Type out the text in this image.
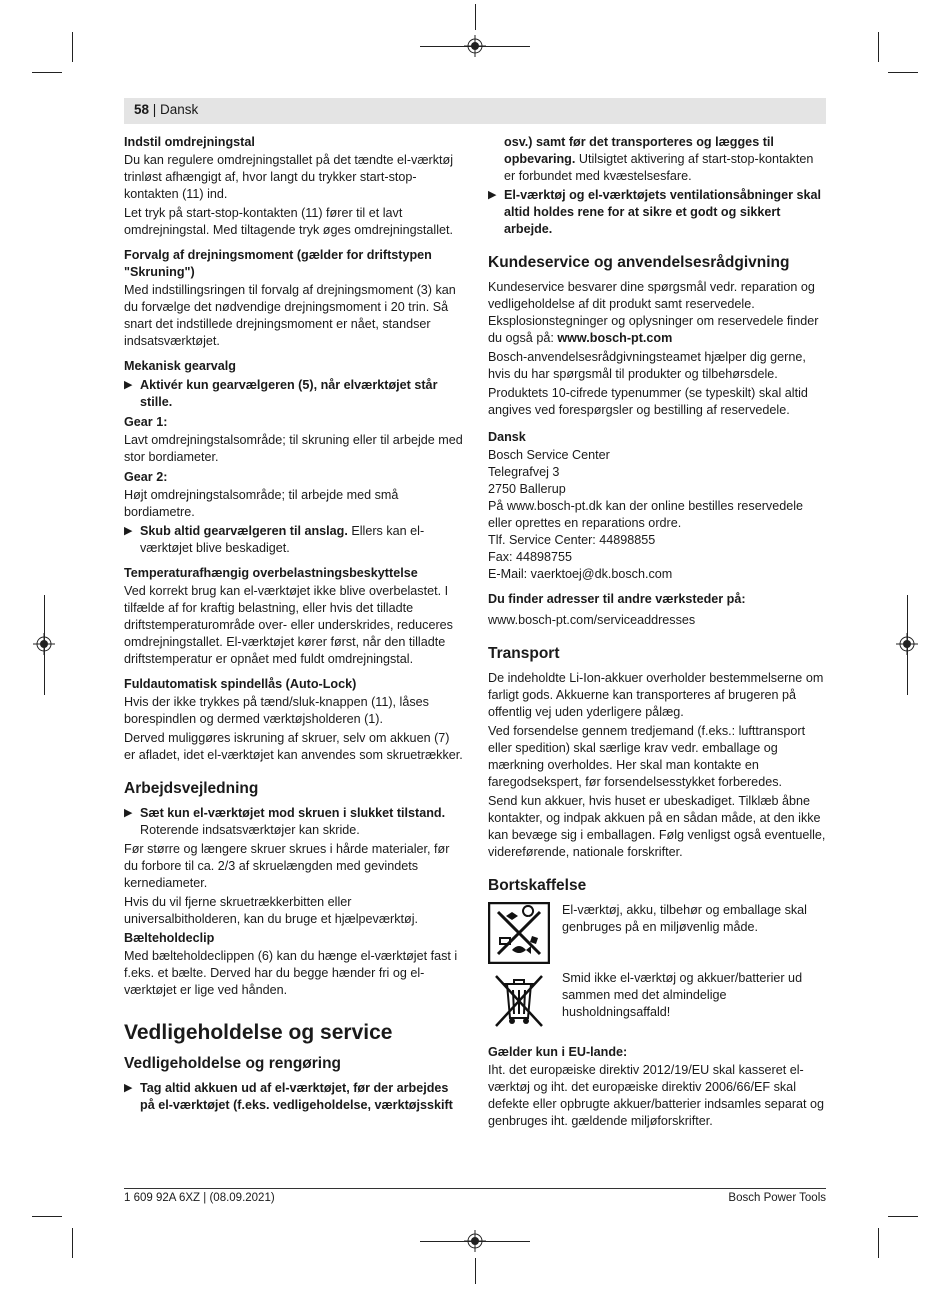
58 | Dansk
Indstil omdrejningstal
Du kan regulere omdrejningstallet på det tændte el-værktøj trinløst afhængigt af, hvor langt du trykker start-stop-kontakten (11) ind.
Let tryk på start-stop-kontakten (11) fører til et lavt omdrejningstal. Med tiltagende tryk øges omdrejningstallet.
Forvalg af drejningsmoment (gælder for driftstypen "Skruning")
Med indstillingsringen til forvalg af drejningsmoment (3) kan du forvælge det nødvendige drejningsmoment i 20 trin. Så snart det indstillede drejningsmoment er nået, standser indsatsværktøjet.
Mekanisk gearvalg
▶ Aktivér kun gearvælgeren (5), når elværktøjet står stille.
Gear 1:
Lavt omdrejningstalsområde; til skruning eller til arbejde med stor bordiameter.
Gear 2:
Højt omdrejningstalsområde; til arbejde med små bordiametre.
▶ Skub altid gearvælgeren til anslag. Ellers kan el-værktøjet blive beskadiget.
Temperaturafhængig overbelastningsbeskyttelse
Ved korrekt brug kan el-værktøjet ikke blive overbelastet. I tilfælde af for kraftig belastning, eller hvis det tilladte driftstemperaturområde over- eller underskrides, reduceres omdrejningstallet. El-værktøjet kører først, når den tilladte driftstemperatur er opnået med fuldt omdrejningstal.
Fuldautomatisk spindellås (Auto-Lock)
Hvis der ikke trykkes på tænd/sluk-knappen (11), låses borespindlen og dermed værktøjsholderen (1).
Derved muliggøres iskruning af skruer, selv om akkuen (7) er afladet, idet el-værktøjet kan anvendes som skruetrækker.
Arbejdsvejledning
▶ Sæt kun el-værktøjet mod skruen i slukket tilstand.
Roterende indsatsværktøjer kan skride.
Før større og længere skruer skrues i hårde materialer, før du forbore til ca. 2/3 af skruelængden med gevindets kernediameter.
Hvis du vil fjerne skruetrækkerbitten eller universalbitholderen, kan du bruge et hjælpeværktøj.
Bælteholdeclip
Med bælteholdeclippen (6) kan du hænge el-værktøjet fast i f.eks. et bælte. Derved har du begge hænder fri og el-værktøjet er lige ved hånden.
Vedligeholdelse og service
Vedligeholdelse og rengøring
▶ Tag altid akkuen ud af el-værktøjet, før der arbejdes på el-værktøjet (f.eks. vedligeholdelse, værktøjsskift
osv.) samt før det transporteres og lægges til opbevaring. Utilsigtet aktivering af start-stop-kontakten er forbundet med kvæstelsesfare.
▶ El-værktøj og el-værktøjets ventilationsåbninger skal altid holdes rene for at sikre et godt og sikkert arbejde.
Kundeservice og anvendelsesrådgivning
Kundeservice besvarer dine spørgsmål vedr. reparation og vedligeholdelse af dit produkt samt reservedele. Eksplosionstegninger og oplysninger om reservedele finder du også på: www.bosch-pt.com
Bosch-anvendelsesrådgivningsteamet hjælper dig gerne, hvis du har spørgsmål til produkter og tilbehørsdele.
Produktets 10-cifrede typenummer (se typeskilt) skal altid angives ved forespørgsler og bestilling af reservedele.
Dansk
Bosch Service Center
Telegrafvej 3
2750 Ballerup
På www.bosch-pt.dk kan der online bestilles reservedele eller oprettes en reparations ordre.
Tlf. Service Center: 44898855
Fax: 44898755
E-Mail: vaerktoej@dk.bosch.com
Du finder adresser til andre værksteder på:
www.bosch-pt.com/serviceaddresses
Transport
De indeholdte Li-Ion-akkuer overholder bestemmelserne om farligt gods. Akkuerne kan transporteres af brugeren på offentlig vej uden yderligere pålæg.
Ved forsendelse gennem tredjemand (f.eks.: lufttransport eller spedition) skal særlige krav vedr. emballage og mærkning overholdes. Her skal man kontakte en faregodsekspert, før forsendelsesstykket forberedes.
Send kun akkuer, hvis huset er ubeskadiget. Tilklæb åbne kontakter, og indpak akkuen på en sådan måde, at den ikke kan bevæge sig i emballagen. Følg venligst også eventuelle, videreførende, nationale forskrifter.
Bortskaffelse
El-værktøj, akku, tilbehør og emballage skal genbruges på en miljøvenlig måde.
Smid ikke el-værktøj og akkuer/batterier ud sammen med det almindelige husholdningsaffald!
Gælder kun i EU-lande:
Iht. det europæiske direktiv 2012/19/EU skal kasseret el-værktøj og iht. det europæiske direktiv 2006/66/EF skal defekte eller opbrugte akkuer/batterier indsamles separat og genbruges iht. gældende miljøforskrifter.
1 609 92A 6XZ | (08.09.2021)	Bosch Power Tools
